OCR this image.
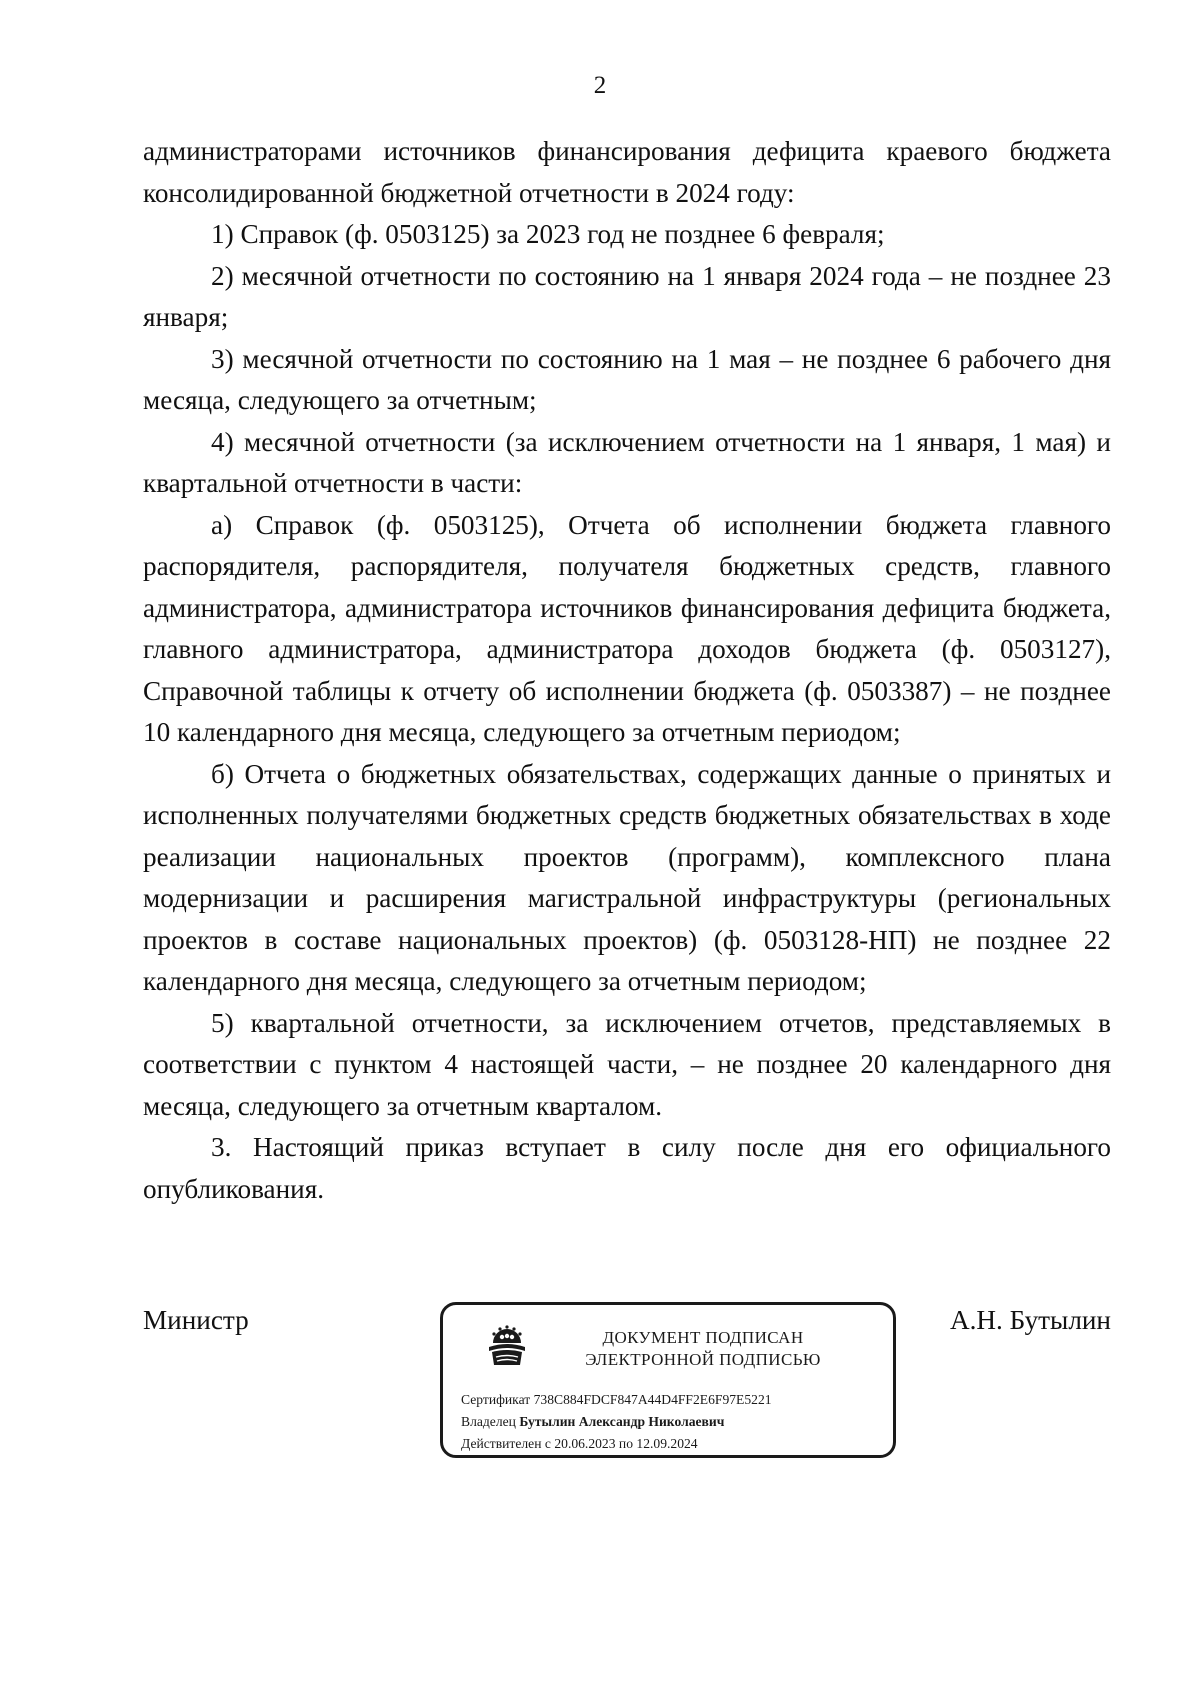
2

администраторами источников финансирования дефицита краевого бюджета консолидированной бюджетной отчетности в 2024 году:

1) Справок (ф. 0503125) за 2023 год не позднее 6 февраля;

2) месячной отчетности по состоянию на 1 января 2024 года – не позднее 23 января;

3) месячной отчетности по состоянию на 1 мая – не позднее 6 рабочего дня месяца, следующего за отчетным;

4) месячной отчетности (за исключением отчетности на 1 января, 1 мая) и квартальной отчетности в части:

а) Справок (ф. 0503125), Отчета об исполнении бюджета главного распорядителя, распорядителя, получателя бюджетных средств, главного администратора, администратора источников финансирования дефицита бюджета, главного администратора, администратора доходов бюджета (ф. 0503127), Справочной таблицы к отчету об исполнении бюджета (ф. 0503387) – не позднее 10 календарного дня месяца, следующего за отчетным периодом;

б) Отчета о бюджетных обязательствах, содержащих данные о принятых и исполненных получателями бюджетных средств бюджетных обязательствах в ходе реализации национальных проектов (программ), комплексного плана модернизации и расширения магистральной инфраструктуры (региональных проектов в составе национальных проектов) (ф. 0503128-НП) не позднее 22 календарного дня месяца, следующего за отчетным периодом;

5) квартальной отчетности, за исключением отчетов, представляемых в соответствии с пунктом 4 настоящей части, – не позднее 20 календарного дня месяца, следующего за отчетным кварталом.

3. Настоящий приказ вступает в силу после дня его официального опубликования.

Министр	А.Н. Бутылин
ДОКУМЕНТ ПОДПИСАН
ЭЛЕКТРОННОЙ ПОДПИСЬЮ
Сертификат 738C884FDCF847A44D4FF2E6F97E5221
Владелец Бутылин Александр Николаевич
Действителен с 20.06.2023 по 12.09.2024
